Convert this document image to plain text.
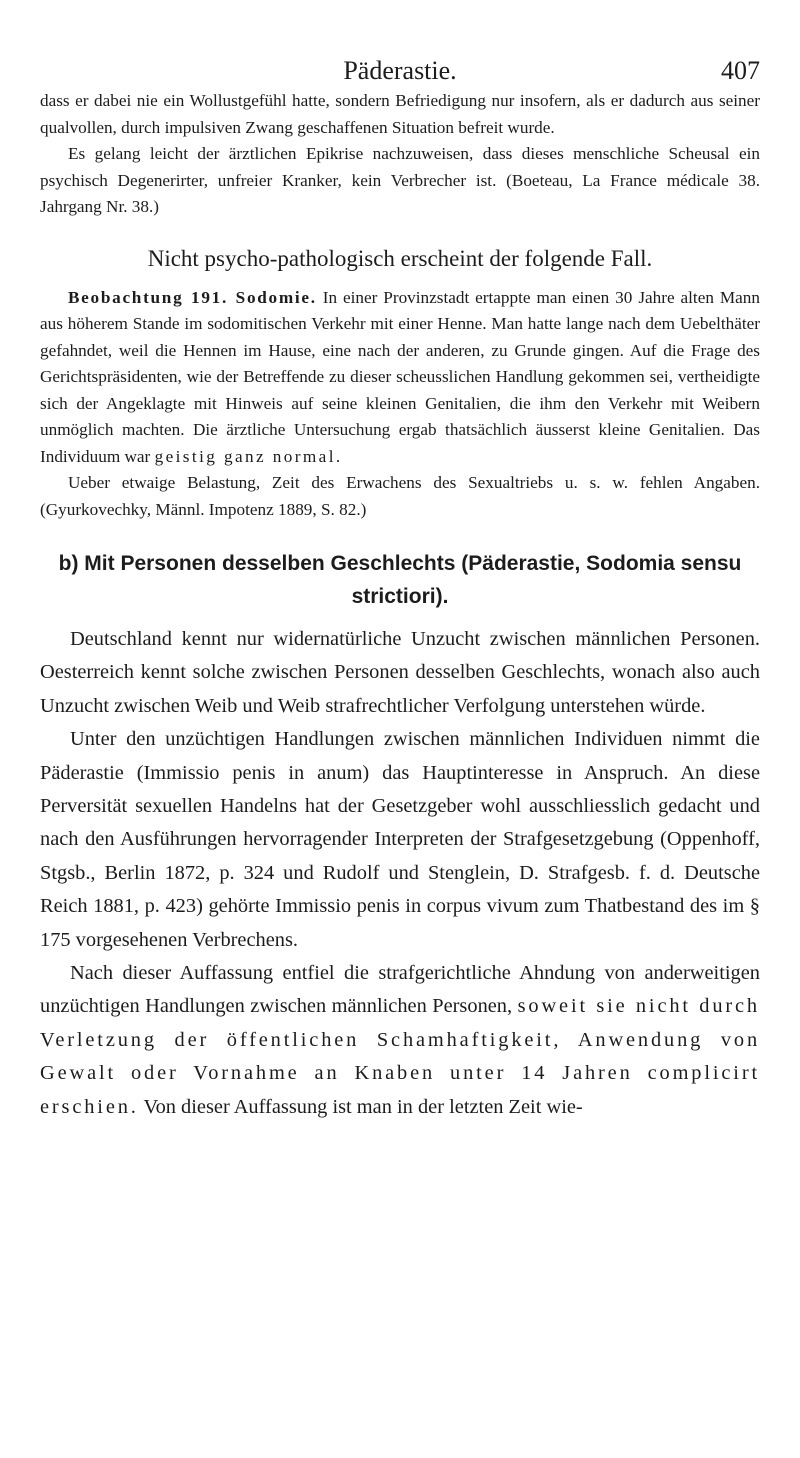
Päderastie.	407

dass er dabei nie ein Wollustgefühl hatte, sondern Befriedigung nur insofern, als er dadurch aus seiner qualvollen, durch impulsiven Zwang geschaffenen Situation befreit wurde.

Es gelang leicht der ärztlichen Epikrise nachzuweisen, dass dieses menschliche Scheusal ein psychisch Degenerirter, unfreier Kranker, kein Verbrecher ist. (Boeteau, La France médicale 38. Jahrgang Nr. 38.)

Nicht psycho-pathologisch erscheint der folgende Fall.

Beobachtung 191. Sodomie. In einer Provinzstadt ertappte man einen 30 Jahre alten Mann aus höherem Stande im sodomitischen Verkehr mit einer Henne. Man hatte lange nach dem Uebelthäter gefahndet, weil die Hennen im Hause, eine nach der anderen, zu Grunde gingen. Auf die Frage des Gerichtspräsidenten, wie der Betreffende zu dieser scheusslichen Handlung gekommen sei, vertheidigte sich der Angeklagte mit Hinweis auf seine kleinen Genitalien, die ihm den Verkehr mit Weibern unmöglich machten. Die ärztliche Untersuchung ergab thatsächlich äusserst kleine Genitalien. Das Individuum war geistig ganz normal.

Ueber etwaige Belastung, Zeit des Erwachens des Sexualtriebs u. s. w. fehlen Angaben. (Gyurkovechky, Männl. Impotenz 1889, S. 82.)

b) Mit Personen desselben Geschlechts (Päderastie, Sodomia sensu strictiori).

Deutschland kennt nur widernatürliche Unzucht zwischen männlichen Personen. Oesterreich kennt solche zwischen Personen desselben Geschlechts, wonach also auch Unzucht zwischen Weib und Weib strafrechtlicher Verfolgung unterstehen würde.

Unter den unzüchtigen Handlungen zwischen männlichen Individuen nimmt die Päderastie (Immissio penis in anum) das Hauptinteresse in Anspruch. An diese Perversität sexuellen Handelns hat der Gesetzgeber wohl ausschliesslich gedacht und nach den Ausführungen hervorragender Interpreten der Strafgesetzgebung (Oppenhoff, Stgsb., Berlin 1872, p. 324 und Rudolf und Stenglein, D. Strafgesb. f. d. Deutsche Reich 1881, p. 423) gehörte Immissio penis in corpus vivum zum Thatbestand des im § 175 vorgesehenen Verbrechens.

Nach dieser Auffassung entfiel die strafgerichtliche Ahndung von anderweitigen unzüchtigen Handlungen zwischen männlichen Personen, soweit sie nicht durch Verletzung der öffentlichen Schamhaftigkeit, Anwendung von Gewalt oder Vornahme an Knaben unter 14 Jahren complicirt erschien. Von dieser Auffassung ist man in der letzten Zeit wie-
